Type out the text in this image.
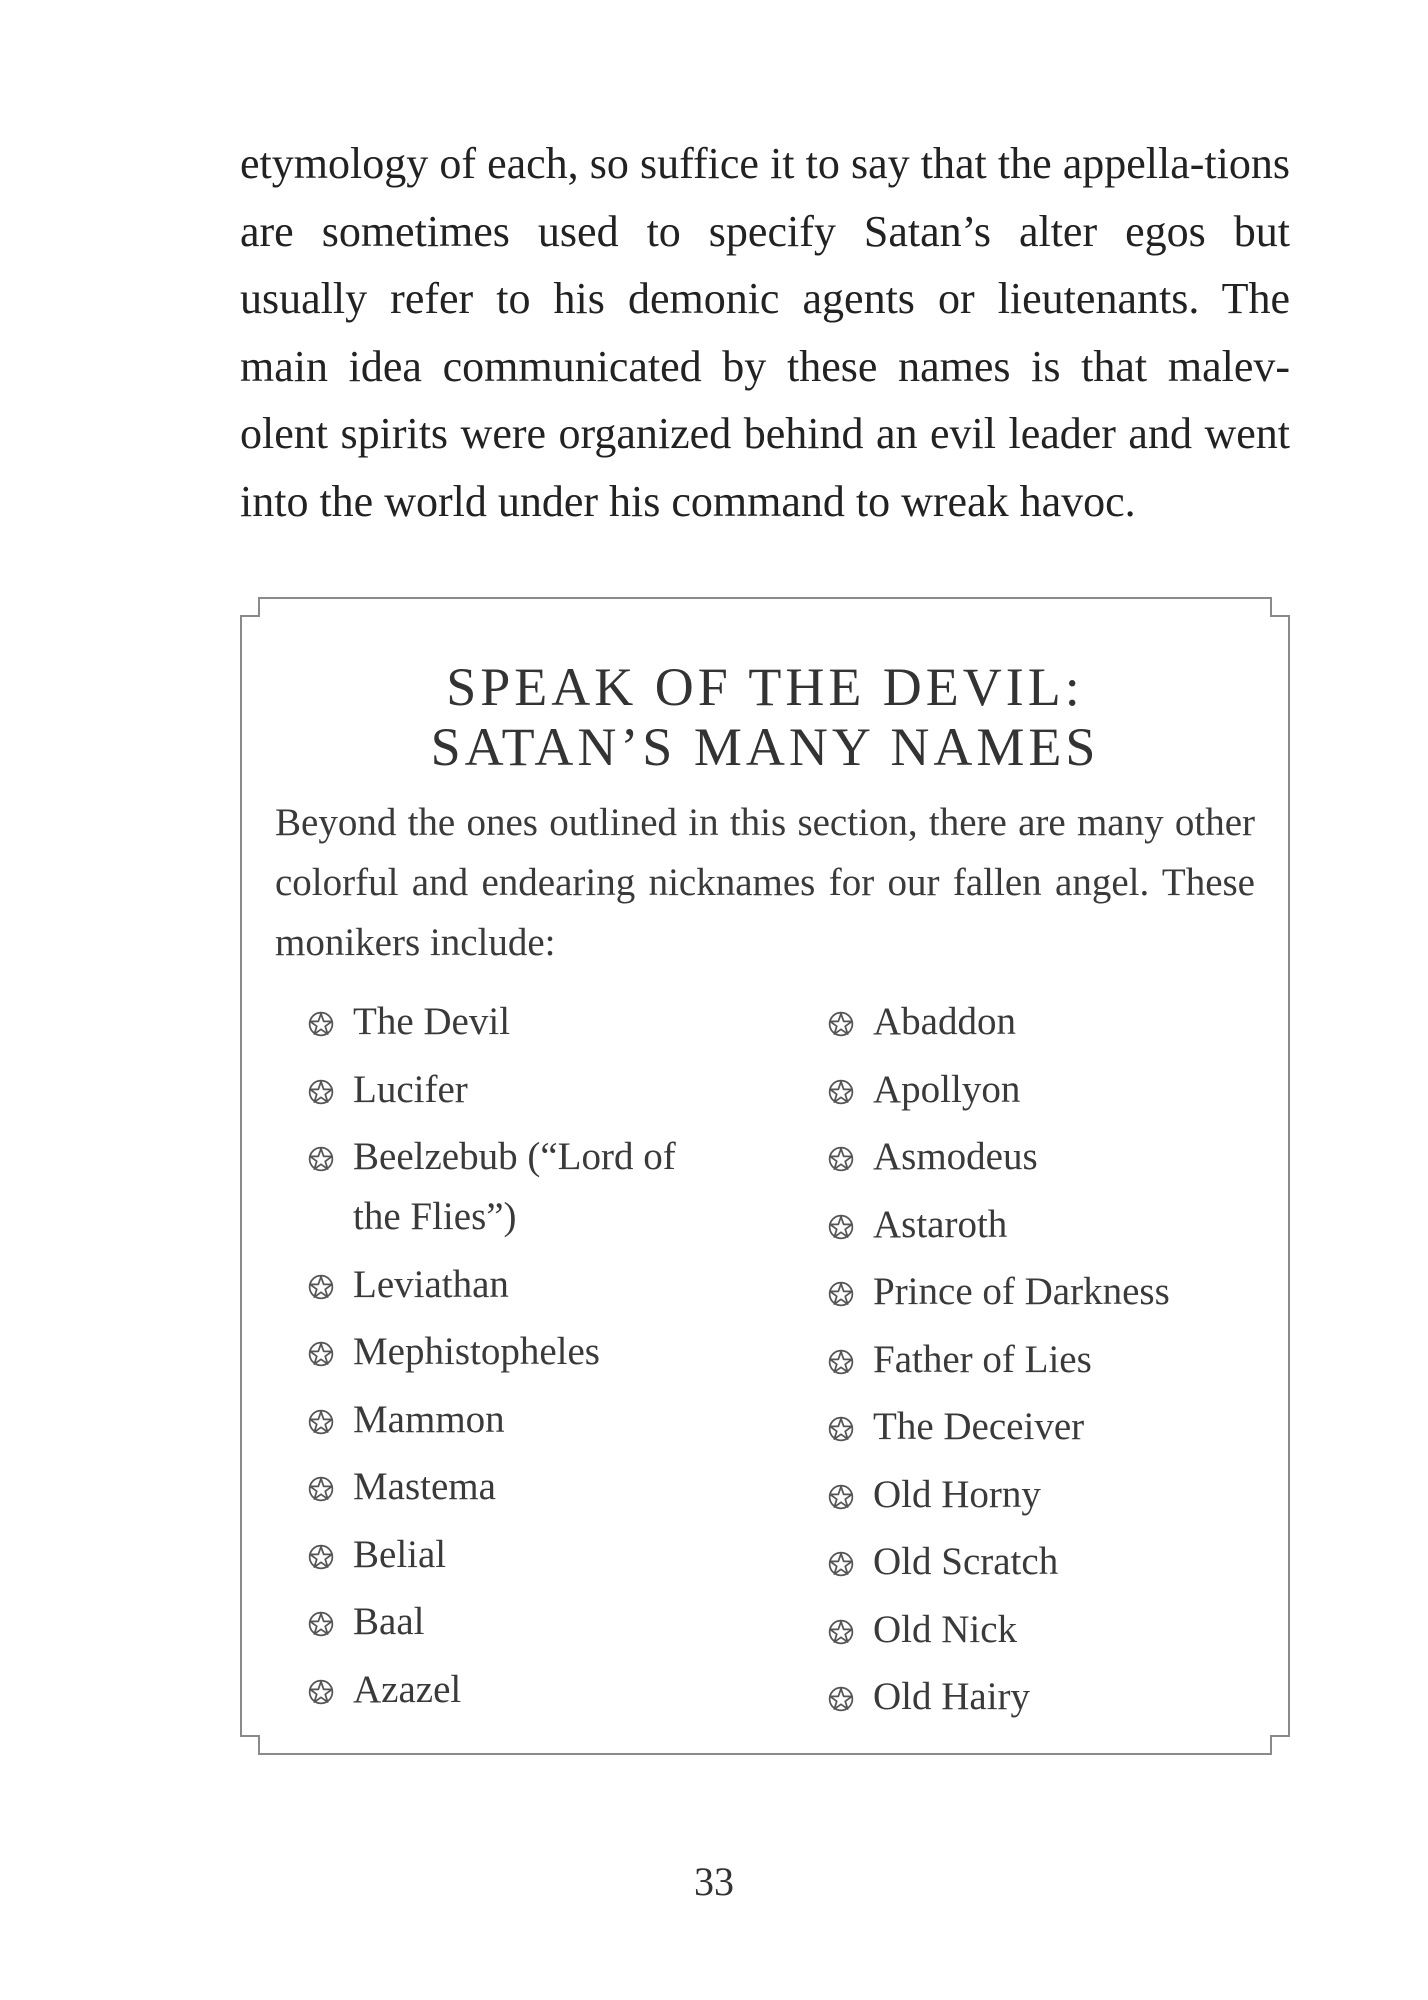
etymology of each, so suffice it to say that the appella-tions are sometimes used to specify Satan’s alter egos but usually refer to his demonic agents or lieutenants. The main idea communicated by these names is that malev-olent spirits were organized behind an evil leader and went into the world under his command to wreak havoc.

SPEAK OF THE DEVIL:
SATAN’S MANY NAMES

Beyond the ones outlined in this section, there are many other colorful and endearing nicknames for our fallen angel. These monikers include:

The Devil
Lucifer
Beelzebub (“Lord of the Flies”)
Leviathan
Mephistopheles
Mammon
Mastema
Belial
Baal
Azazel
Abaddon
Apollyon
Asmodeus
Astaroth
Prince of Darkness
Father of Lies
The Deceiver
Old Horny
Old Scratch
Old Nick
Old Hairy
33
